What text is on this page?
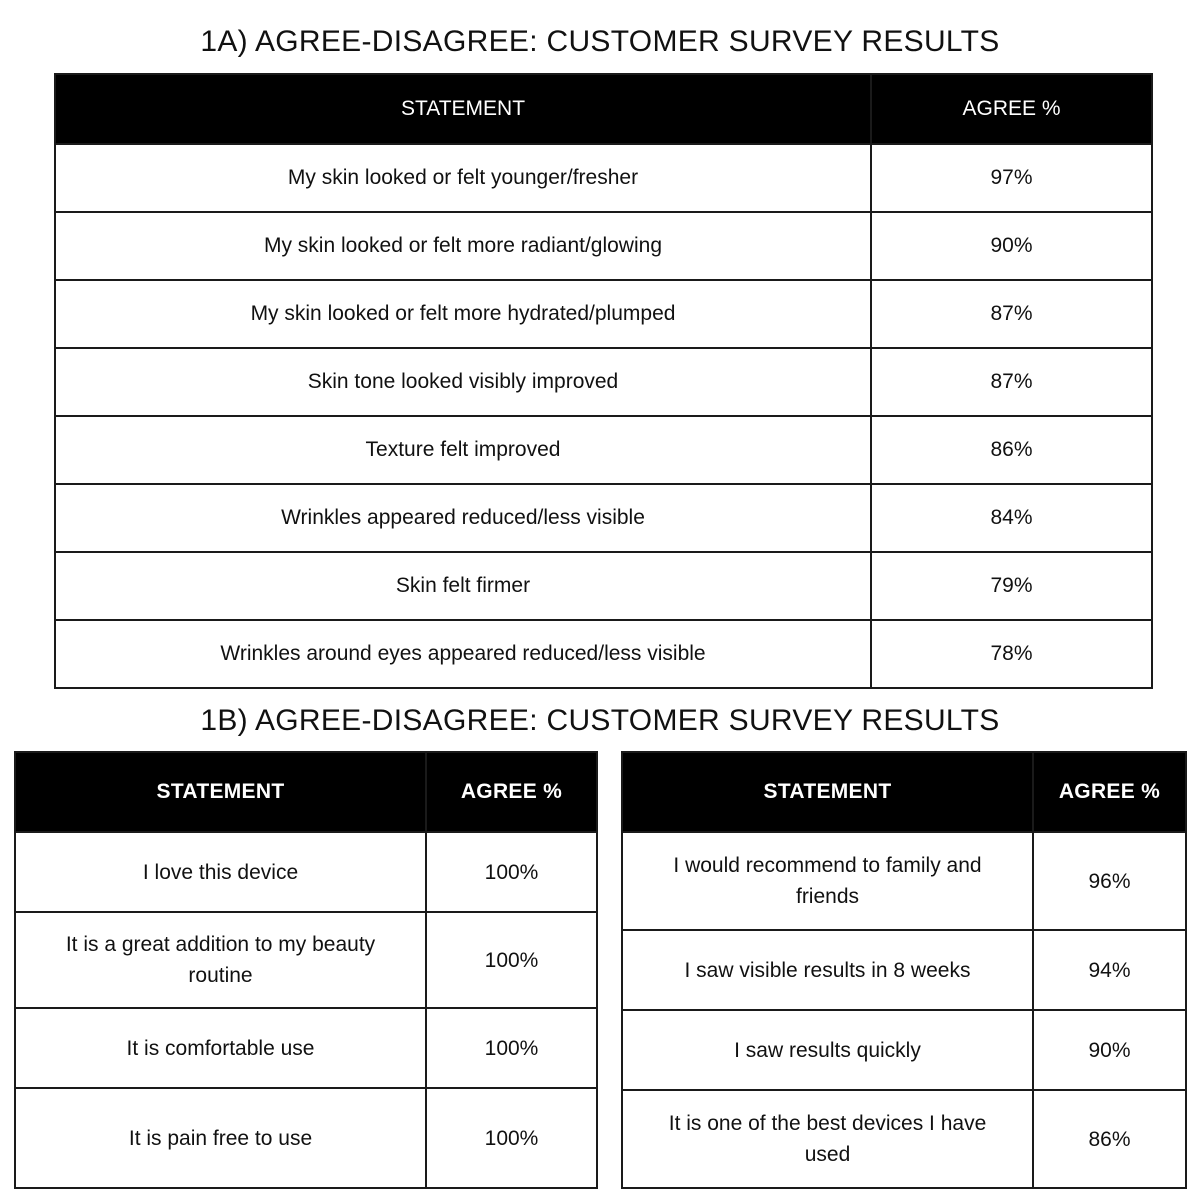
1A) AGREE-DISAGREE: CUSTOMER SURVEY RESULTS
STATEMENT	AGREE %
My skin looked or felt younger/fresher	97%
My skin looked or felt more radiant/glowing	90%
My skin looked or felt more hydrated/plumped	87%
Skin tone looked visibly improved	87%
Texture felt improved	86%
Wrinkles appeared reduced/less visible	84%
Skin felt firmer	79%
Wrinkles around eyes appeared reduced/less visible	78%
1B) AGREE-DISAGREE: CUSTOMER SURVEY RESULTS
STATEMENT	AGREE %
I love this device	100%
It is a great addition to my beauty routine	100%
It is comfortable use	100%
It is pain free to use	100%
STATEMENT	AGREE %
I would recommend to family and friends	96%
I saw visible results in 8 weeks	94%
I saw results quickly	90%
It is one of the best devices I have used	86%
